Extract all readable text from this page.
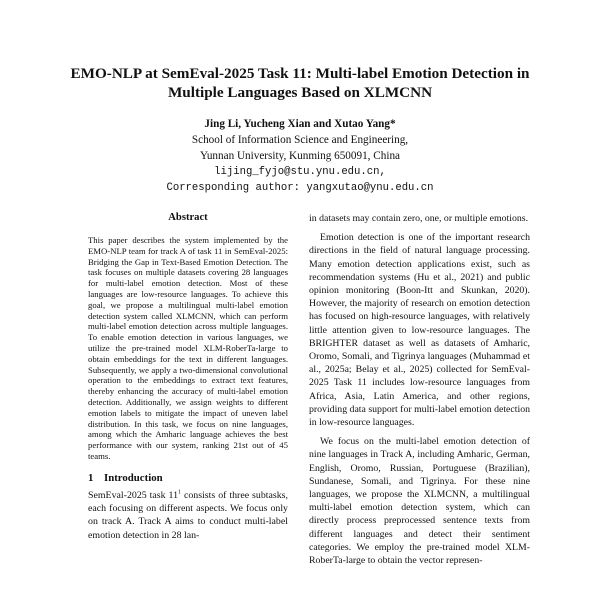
EMO-NLP at SemEval-2025 Task 11: Multi-label Emotion Detection in
Multiple Languages Based on XLMCNN
Jing Li, Yucheng Xian and Xutao Yang*
School of Information Science and Engineering,
Yunnan University, Kunming 650091, China
lijing_fyjo@stu.ynu.edu.cn,
Corresponding author: yangxutao@ynu.edu.cn
Abstract
This paper describes the system implemented by the EMO-NLP team for track A of task 11 in SemEval-2025: Bridging the Gap in Text-Based Emotion Detection. The task focuses on multiple datasets covering 28 languages for multi-label emotion detection. Most of these languages are low-resource languages. To achieve this goal, we propose a multilingual multi-label emotion detection system called XLMCNN, which can perform multi-label emotion detection across multiple languages. To enable emotion detection in various languages, we utilize the pre-trained model XLM-RoberTa-large to obtain embeddings for the text in different languages. Subsequently, we apply a two-dimensional convolutional operation to the embeddings to extract text features, thereby enhancing the accuracy of multi-label emotion detection. Additionally, we assign weights to different emotion labels to mitigate the impact of uneven label distribution. In this task, we focus on nine languages, among which the Amharic language achieves the best performance with our system, ranking 21st out of 45 teams.
1 Introduction
SemEval-2025 task $11^1$ consists of three subtasks, each focusing on different aspects. We focus only on track A. Track A aims to conduct multi-label emotion detection in 28 lan-
in datasets may contain zero, one, or multiple emotions.
Emotion detection is one of the important research directions in the field of natural language processing. Many emotion detection applications exist, such as recommendation systems (Hu et al., 2021) and public opinion monitoring (Boon-Itt and Skunkan, 2020). However, the majority of research on emotion detection has focused on high-resource languages, with relatively little attention given to low-resource languages. The BRIGHTER dataset as well as datasets of Amharic, Oromo, Somali, and Tigrinya languages (Muhammad et al., 2025a; Belay et al., 2025) collected for SemEval-2025 Task 11 includes low-resource languages from Africa, Asia, Latin America, and other regions, providing data support for multi-label emotion detection in low-resource languages.
We focus on the multi-label emotion detection of nine languages in Track A, including Amharic, German, English, Oromo, Russian, Portuguese (Brazilian), Sundanese, Somali, and Tigrinya. For these nine languages, we propose the XLMCNN, a multilingual multi-label emotion detection system, which can directly process preprocessed sentence texts from different languages and detect their sentiment categories. We employ the pre-trained model XLM-RoberTa-large to obtain the vector represen-
